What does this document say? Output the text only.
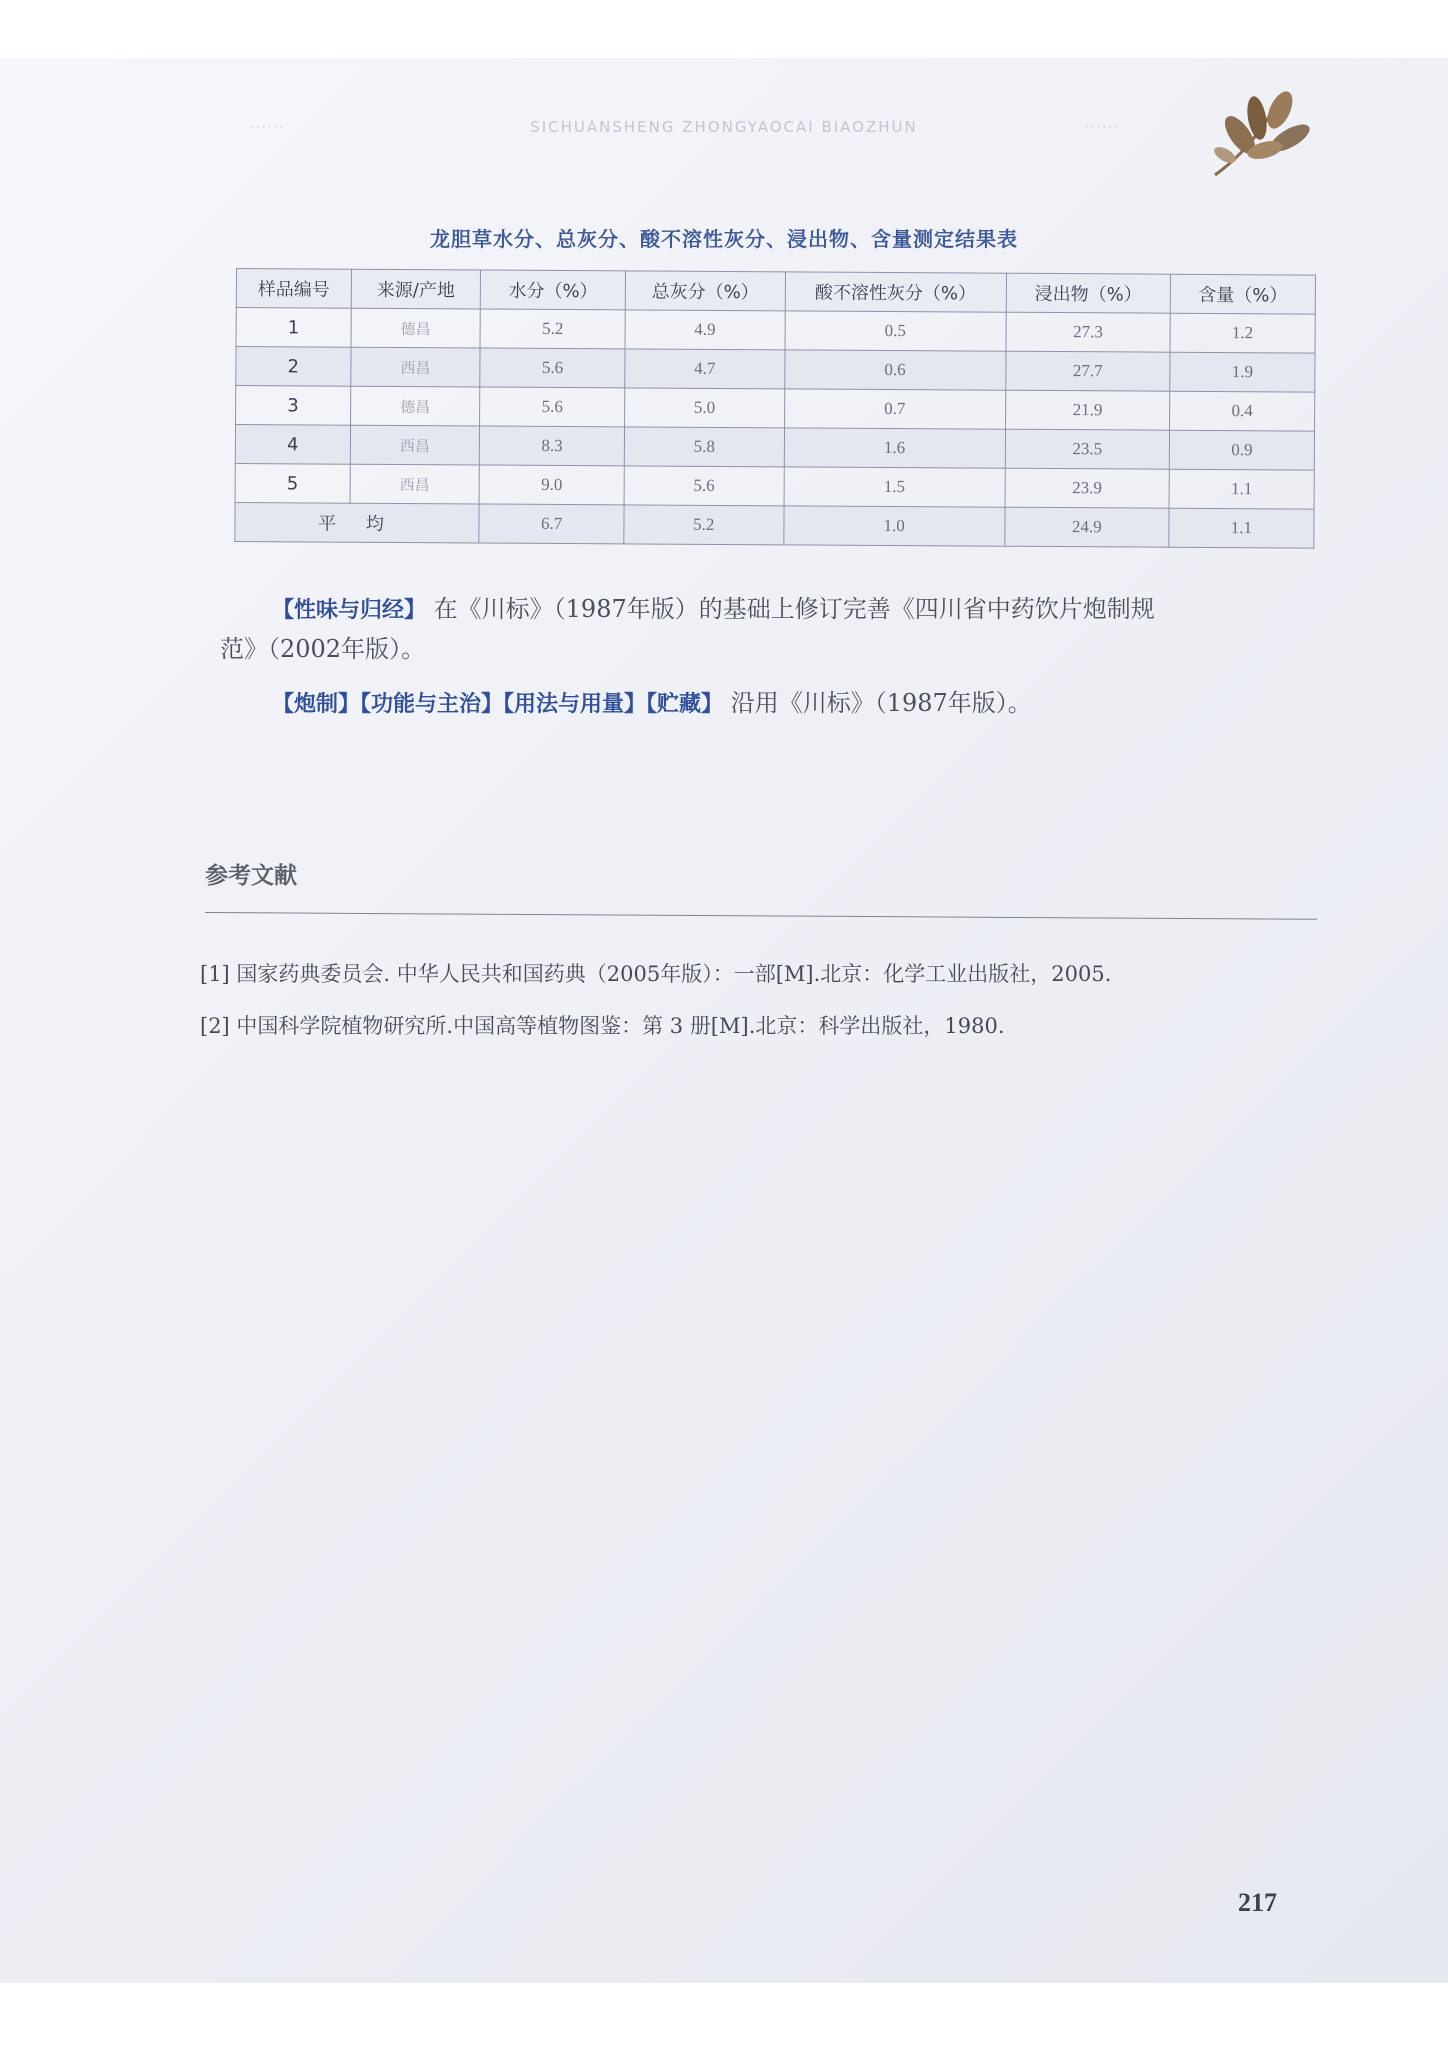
······	SICHUANSHENG ZHONGYAOCAI BIAOZHUN	······
龙胆草水分、总灰分、酸不溶性灰分、浸出物、含量测定结果表
样品编号	来源/产地	水分（%）	总灰分（%）	酸不溶性灰分（%）	浸出物（%）	含量（%）
1	德昌	5.2	4.9	0.5	27.3	1.2
2	西昌	5.6	4.7	0.6	27.7	1.9
3	德昌	5.6	5.0	0.7	21.9	0.4
4	西昌	8.3	5.8	1.6	23.5	0.9
5	西昌	9.0	5.6	1.5	23.9	1.1
平 均		6.7	5.2	1.0	24.9	1.1
【性味与归经】 在《川标》（1987年版）的基础上修订完善《四川省中药饮片炮制规
范》（2002年版）。
【炮制】【功能与主治】【用法与用量】【贮藏】 沿用《川标》（1987年版）。
参考文献
[1] 国家药典委员会. 中华人民共和国药典（2005年版）：一部[M].北京：化学工业出版社，2005.
[2] 中国科学院植物研究所.中国高等植物图鉴：第 3 册[M].北京：科学出版社，1980.
217
